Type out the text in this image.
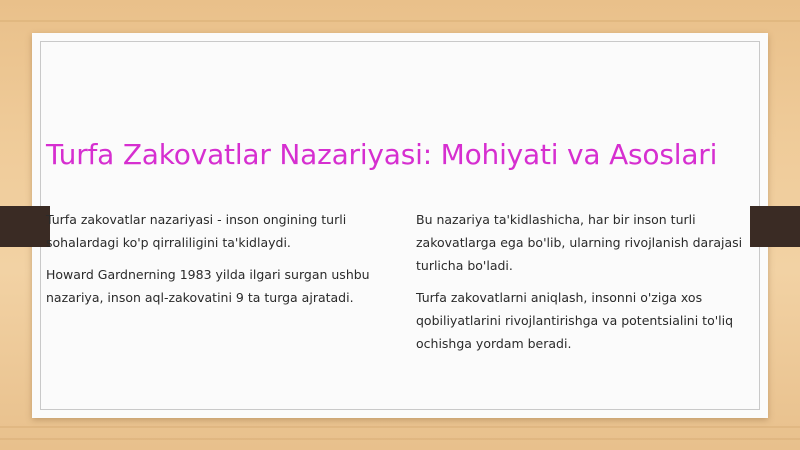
Turfa Zakovatlar Nazariyasi: Mohiyati va Asoslari

Turfa zakovatlar nazariyasi - inson ongining turli sohalardagi ko'p qirraliligini ta'kidlaydi.

Howard Gardnerning 1983 yilda ilgari surgan ushbu nazariya, inson aql-zakovatini 9 ta turga ajratadi.

Bu nazariya ta'kidlashicha, har bir inson turli zakovatlarga ega bo'lib, ularning rivojlanish darajasi turlicha bo'ladi.

Turfa zakovatlarni aniqlash, insonni o'ziga xos qobiliyatlarini rivojlantirishga va potentsialini to'liq ochishga yordam beradi.
